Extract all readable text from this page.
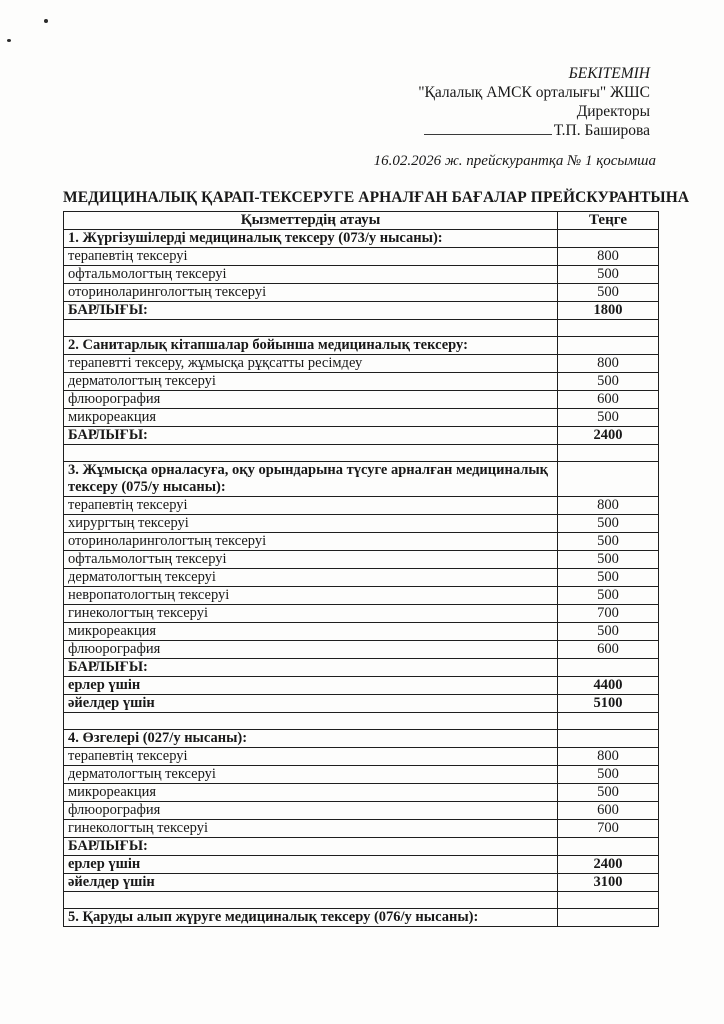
БЕКІТЕМІН
"Қалалық АМСК орталығы" ЖШС
Директоры
Т.П. Баширова
16.02.2026 ж. прейскурантқа № 1 қосымша
МЕДИЦИНАЛЫҚ ҚАРАП-ТЕКСЕРУГЕ АРНАЛҒАН БАҒАЛАР ПРЕЙСКУРАНТЫНА
Қызметтердің атауы	Теңге
1. Жүргізушілерді медициналық тексеру (073/у нысаны):	
терапевтің тексеруі	800
офтальмологтың тексеруі	500
оториноларингологтың тексеруі	500
БАРЛЫҒЫ:	1800

2. Санитарлық кітапшалар бойынша медициналық тексеру:	
терапевтті тексеру, жұмысқа рұқсатты ресімдеу	800
дерматологтың тексеруі	500
флюорография	600
микрореакция	500
БАРЛЫҒЫ:	2400

3. Жұмысқа орналасуға, оқу орындарына түсуге арналған медициналық тексеру (075/у нысаны):	
терапевтің тексеруі	800
хирургтың тексеруі	500
оториноларингологтың тексеруі	500
офтальмологтың тексеруі	500
дерматологтың тексеруі	500
невропатологтың тексеруі	500
гинекологтың тексеруі	700
микрореакция	500
флюорография	600
БАРЛЫҒЫ:	
ерлер үшін	4400
әйелдер үшін	5100

4. Өзгелері (027/у нысаны):	
терапевтің тексеруі	800
дерматологтың тексеруі	500
микрореакция	500
флюорография	600
гинекологтың тексеруі	700
БАРЛЫҒЫ:	
ерлер үшін	2400
әйелдер үшін	3100

5. Қаруды алып жүруге медициналық тексеру (076/у нысаны):	
